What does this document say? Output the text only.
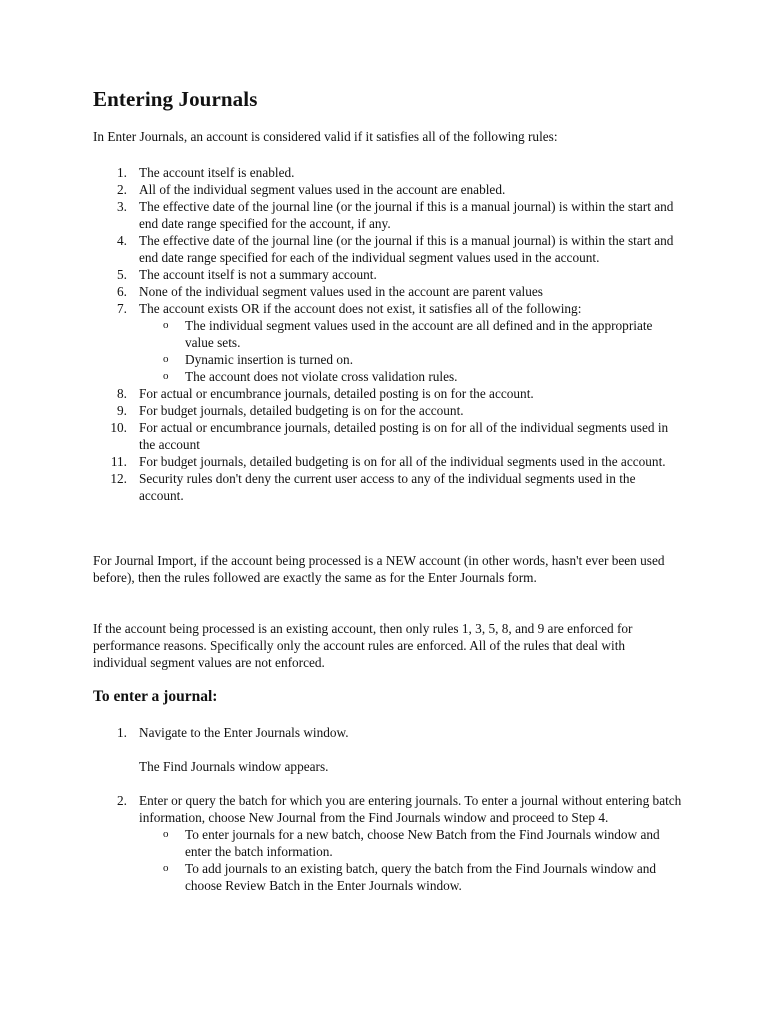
Entering Journals

In Enter Journals, an account is considered valid if it satisfies all of the following rules:

1. The account itself is enabled.
2. All of the individual segment values used in the account are enabled.
3. The effective date of the journal line (or the journal if this is a manual journal) is within the start and end date range specified for the account, if any.
4. The effective date of the journal line (or the journal if this is a manual journal) is within the start and end date range specified for each of the individual segment values used in the account.
5. The account itself is not a summary account.
6. None of the individual segment values used in the account are parent values
7. The account exists OR if the account does not exist, it satisfies all of the following:
o The individual segment values used in the account are all defined and in the appropriate value sets.
o Dynamic insertion is turned on.
o The account does not violate cross validation rules.
8. For actual or encumbrance journals, detailed posting is on for the account.
9. For budget journals, detailed budgeting is on for the account.
10. For actual or encumbrance journals, detailed posting is on for all of the individual segments used in the account
11. For budget journals, detailed budgeting is on for all of the individual segments used in the account.
12. Security rules don't deny the current user access to any of the individual segments used in the account.

For Journal Import, if the account being processed is a NEW account (in other words, hasn't ever been used before), then the rules followed are exactly the same as for the Enter Journals form.

If the account being processed is an existing account, then only rules 1, 3, 5, 8, and 9 are enforced for performance reasons. Specifically only the account rules are enforced. All of the rules that deal with individual segment values are not enforced.

To enter a journal:
1. Navigate to the Enter Journals window.
The Find Journals window appears.
2. Enter or query the batch for which you are entering journals. To enter a journal without entering batch information, choose New Journal from the Find Journals window and proceed to Step 4.
o To enter journals for a new batch, choose New Batch from the Find Journals window and enter the batch information.
o To add journals to an existing batch, query the batch from the Find Journals window and choose Review Batch in the Enter Journals window.
